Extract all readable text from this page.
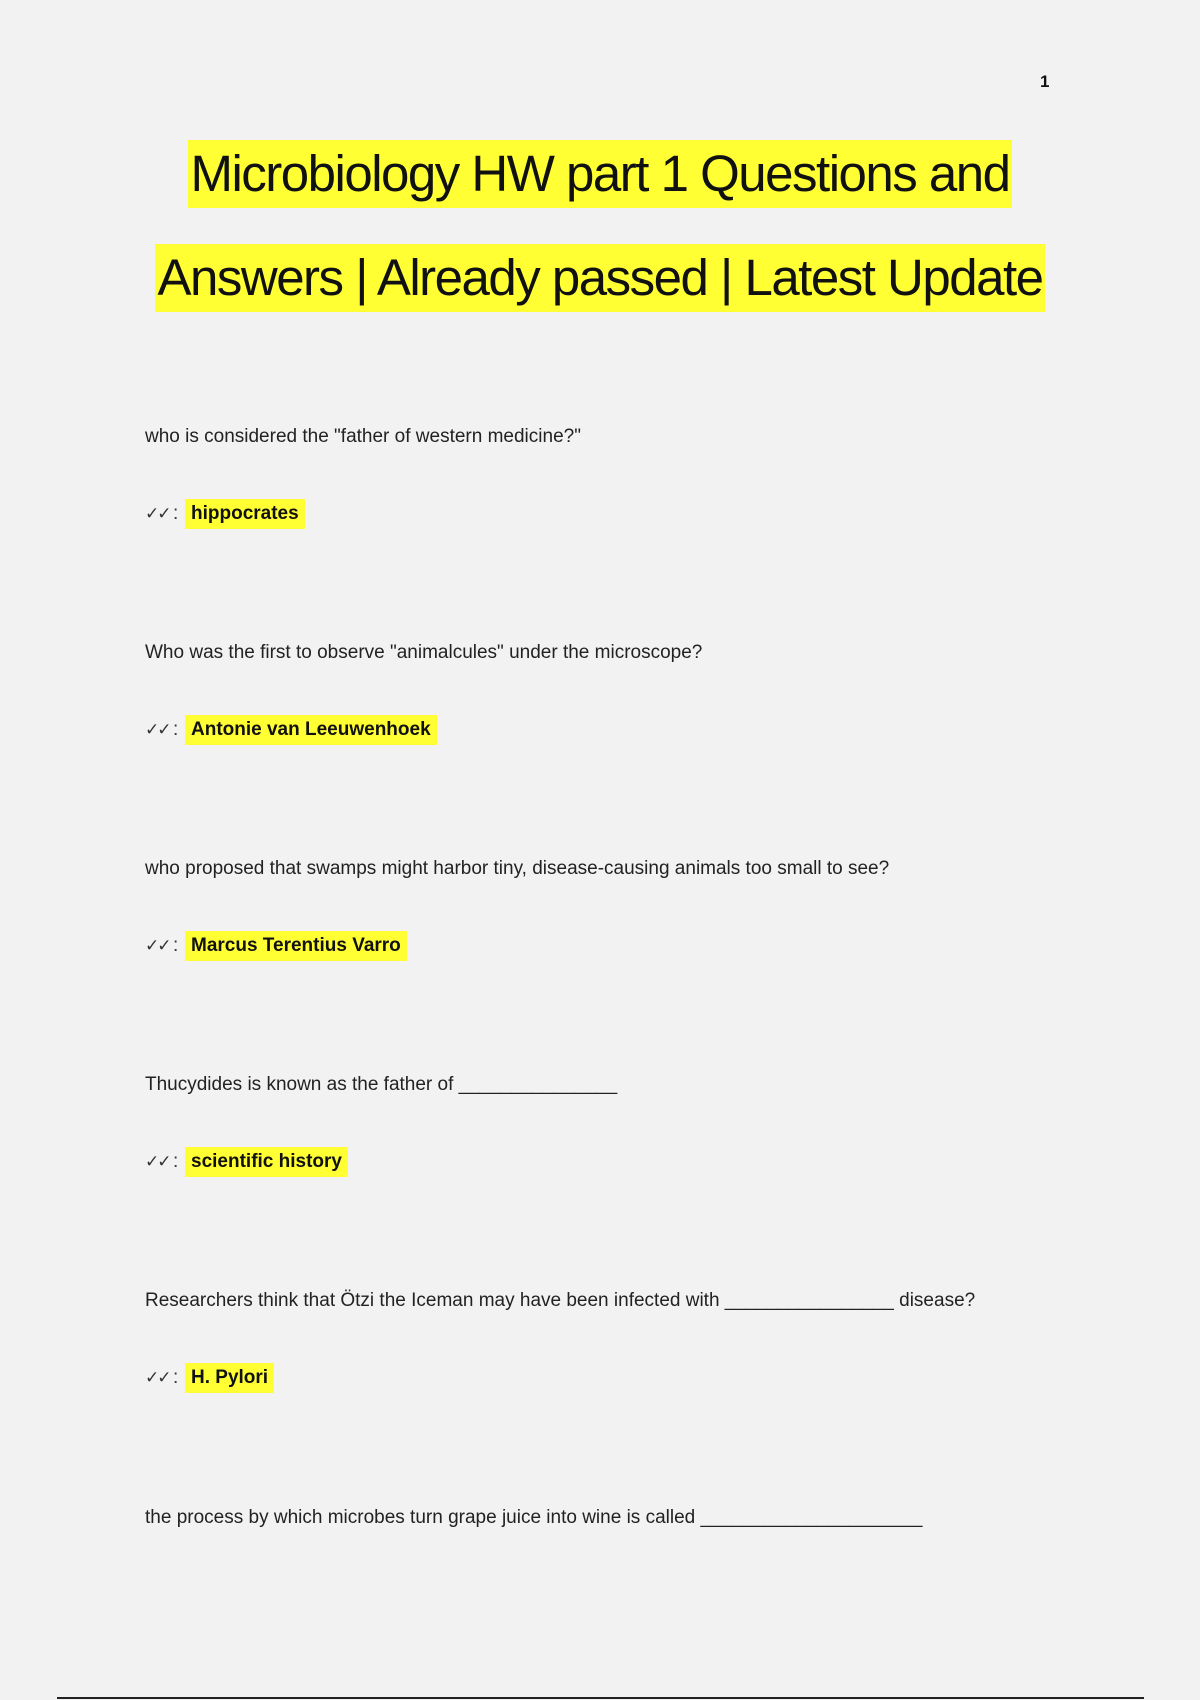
1
Microbiology HW part 1 Questions and
Answers | Already passed | Latest Update
who is considered the "father of western medicine?"
✓✓ : hippocrates
Who was the first to observe "animalcules" under the microscope?
✓✓ : Antonie van Leeuwenhoek
who proposed that swamps might harbor tiny, disease-causing animals too small to see?
✓✓ : Marcus Terentius Varro
Thucydides is known as the father of _______________
✓✓ : scientific history
Researchers think that Ötzi the Iceman may have been infected with ________________ disease?
✓✓ : H. Pylori
the process by which microbes turn grape juice into wine is called _____________________
